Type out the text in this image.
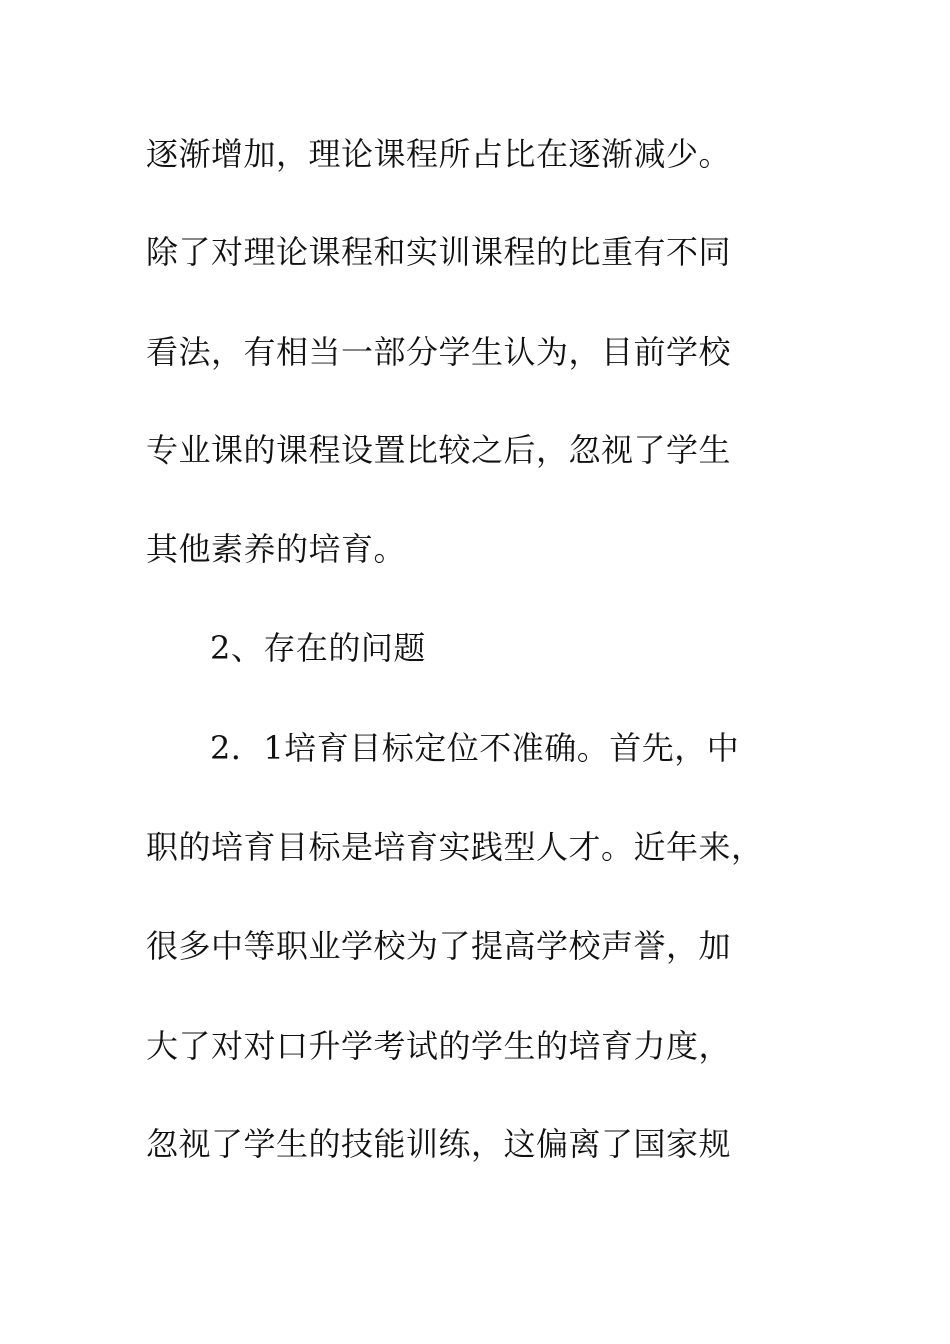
逐渐增加，理论课程所占比在逐渐减少。
除了对理论课程和实训课程的比重有不同
看法，有相当一部分学生认为，目前学校
专业课的课程设置比较之后，忽视了学生
其他素养的培育。
2、存在的问题
2．1培育目标定位不准确。首先，中
职的培育目标是培育实践型人才。近年来，
很多中等职业学校为了提高学校声誉，加
大了对对口升学考试的学生的培育力度，
忽视了学生的技能训练，这偏离了国家规
